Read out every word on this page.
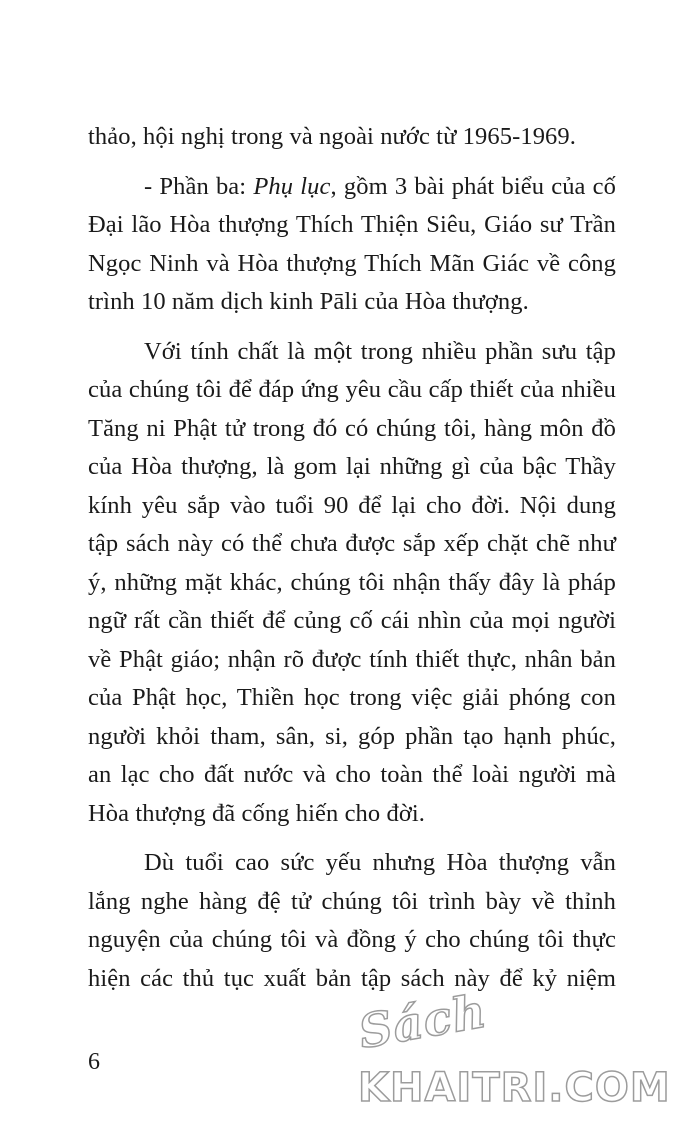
thảo, hội nghị trong và ngoài nước từ 1965-1969.
- Phần ba: Phụ lục, gồm 3 bài phát biểu của cố
Đại lão Hòa thượng Thích Thiện Siêu, Giáo sư Trần
Ngọc Ninh và Hòa thượng Thích Mãn Giác về công
trình 10 năm dịch kinh Pāli của Hòa thượng.
Với tính chất là một trong nhiều phần sưu tập
của chúng tôi để đáp ứng yêu cầu cấp thiết của nhiều
Tăng ni Phật tử trong đó có chúng tôi, hàng môn đồ
của Hòa thượng, là gom lại những gì của bậc Thầy
kính yêu sắp vào tuổi 90 để lại cho đời. Nội dung
tập sách này có thể chưa được sắp xếp chặt chẽ như
ý, những mặt khác, chúng tôi nhận thấy đây là pháp
ngữ rất cần thiết để củng cố cái nhìn của mọi người
về Phật giáo; nhận rõ được tính thiết thực, nhân bản
của Phật học, Thiền học trong việc giải phóng con
người khỏi tham, sân, si, góp phần tạo hạnh phúc,
an lạc cho đất nước và cho toàn thể loài người mà
Hòa thượng đã cống hiến cho đời.
Dù tuổi cao sức yếu nhưng Hòa thượng vẫn
lắng nghe hàng đệ tử chúng tôi trình bày về thỉnh
nguyện của chúng tôi và đồng ý cho chúng tôi thực
hiện các thủ tục xuất bản tập sách này để kỷ niệm
6
Sách
KHAITRI.COM
